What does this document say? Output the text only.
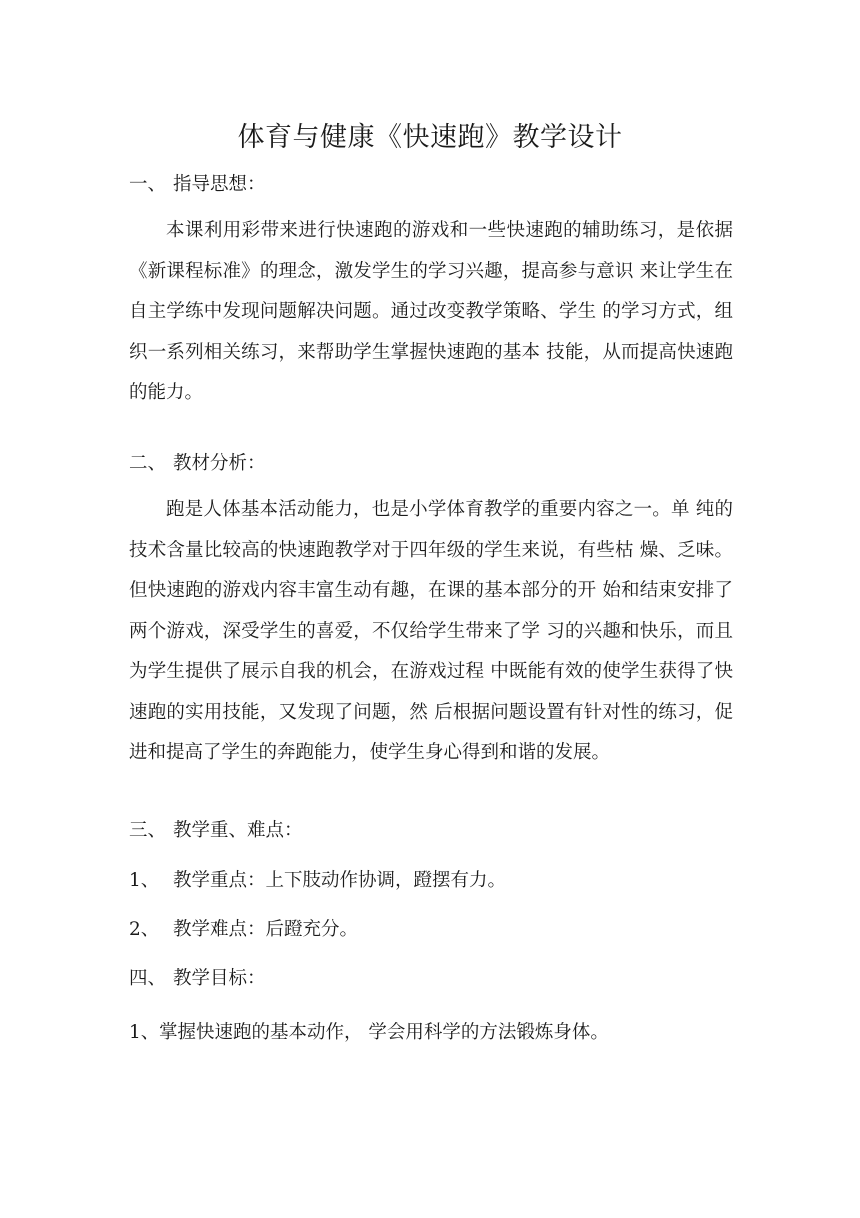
体育与健康《快速跑》教学设计
一、 指导思想：
本课利用彩带来进行快速跑的游戏和一些快速跑的辅助练习，是依据《新课程标准》的理念，激发学生的学习兴趣，提高参与意识 来让学生在自主学练中发现问题解决问题。通过改变教学策略、学生 的学习方式，组织一系列相关练习，来帮助学生掌握快速跑的基本 技能，从而提高快速跑的能力。
二、 教材分析：
跑是人体基本活动能力，也是小学体育教学的重要内容之一。单 纯的技术含量比较高的快速跑教学对于四年级的学生来说，有些枯 燥、乏味。但快速跑的游戏内容丰富生动有趣，在课的基本部分的开 始和结束安排了两个游戏，深受学生的喜爱，不仅给学生带来了学 习的兴趣和快乐，而且为学生提供了展示自我的机会，在游戏过程 中既能有效的使学生获得了快速跑的实用技能，又发现了问题，然 后根据问题设置有针对性的练习，促进和提高了学生的奔跑能力，使学生身心得到和谐的发展。
三、 教学重、难点：
1、 教学重点：上下肢动作协调，蹬摆有力。
2、 教学难点：后蹬充分。
四、 教学目标：
1、掌握快速跑的基本动作， 学会用科学的方法锻炼身体。
